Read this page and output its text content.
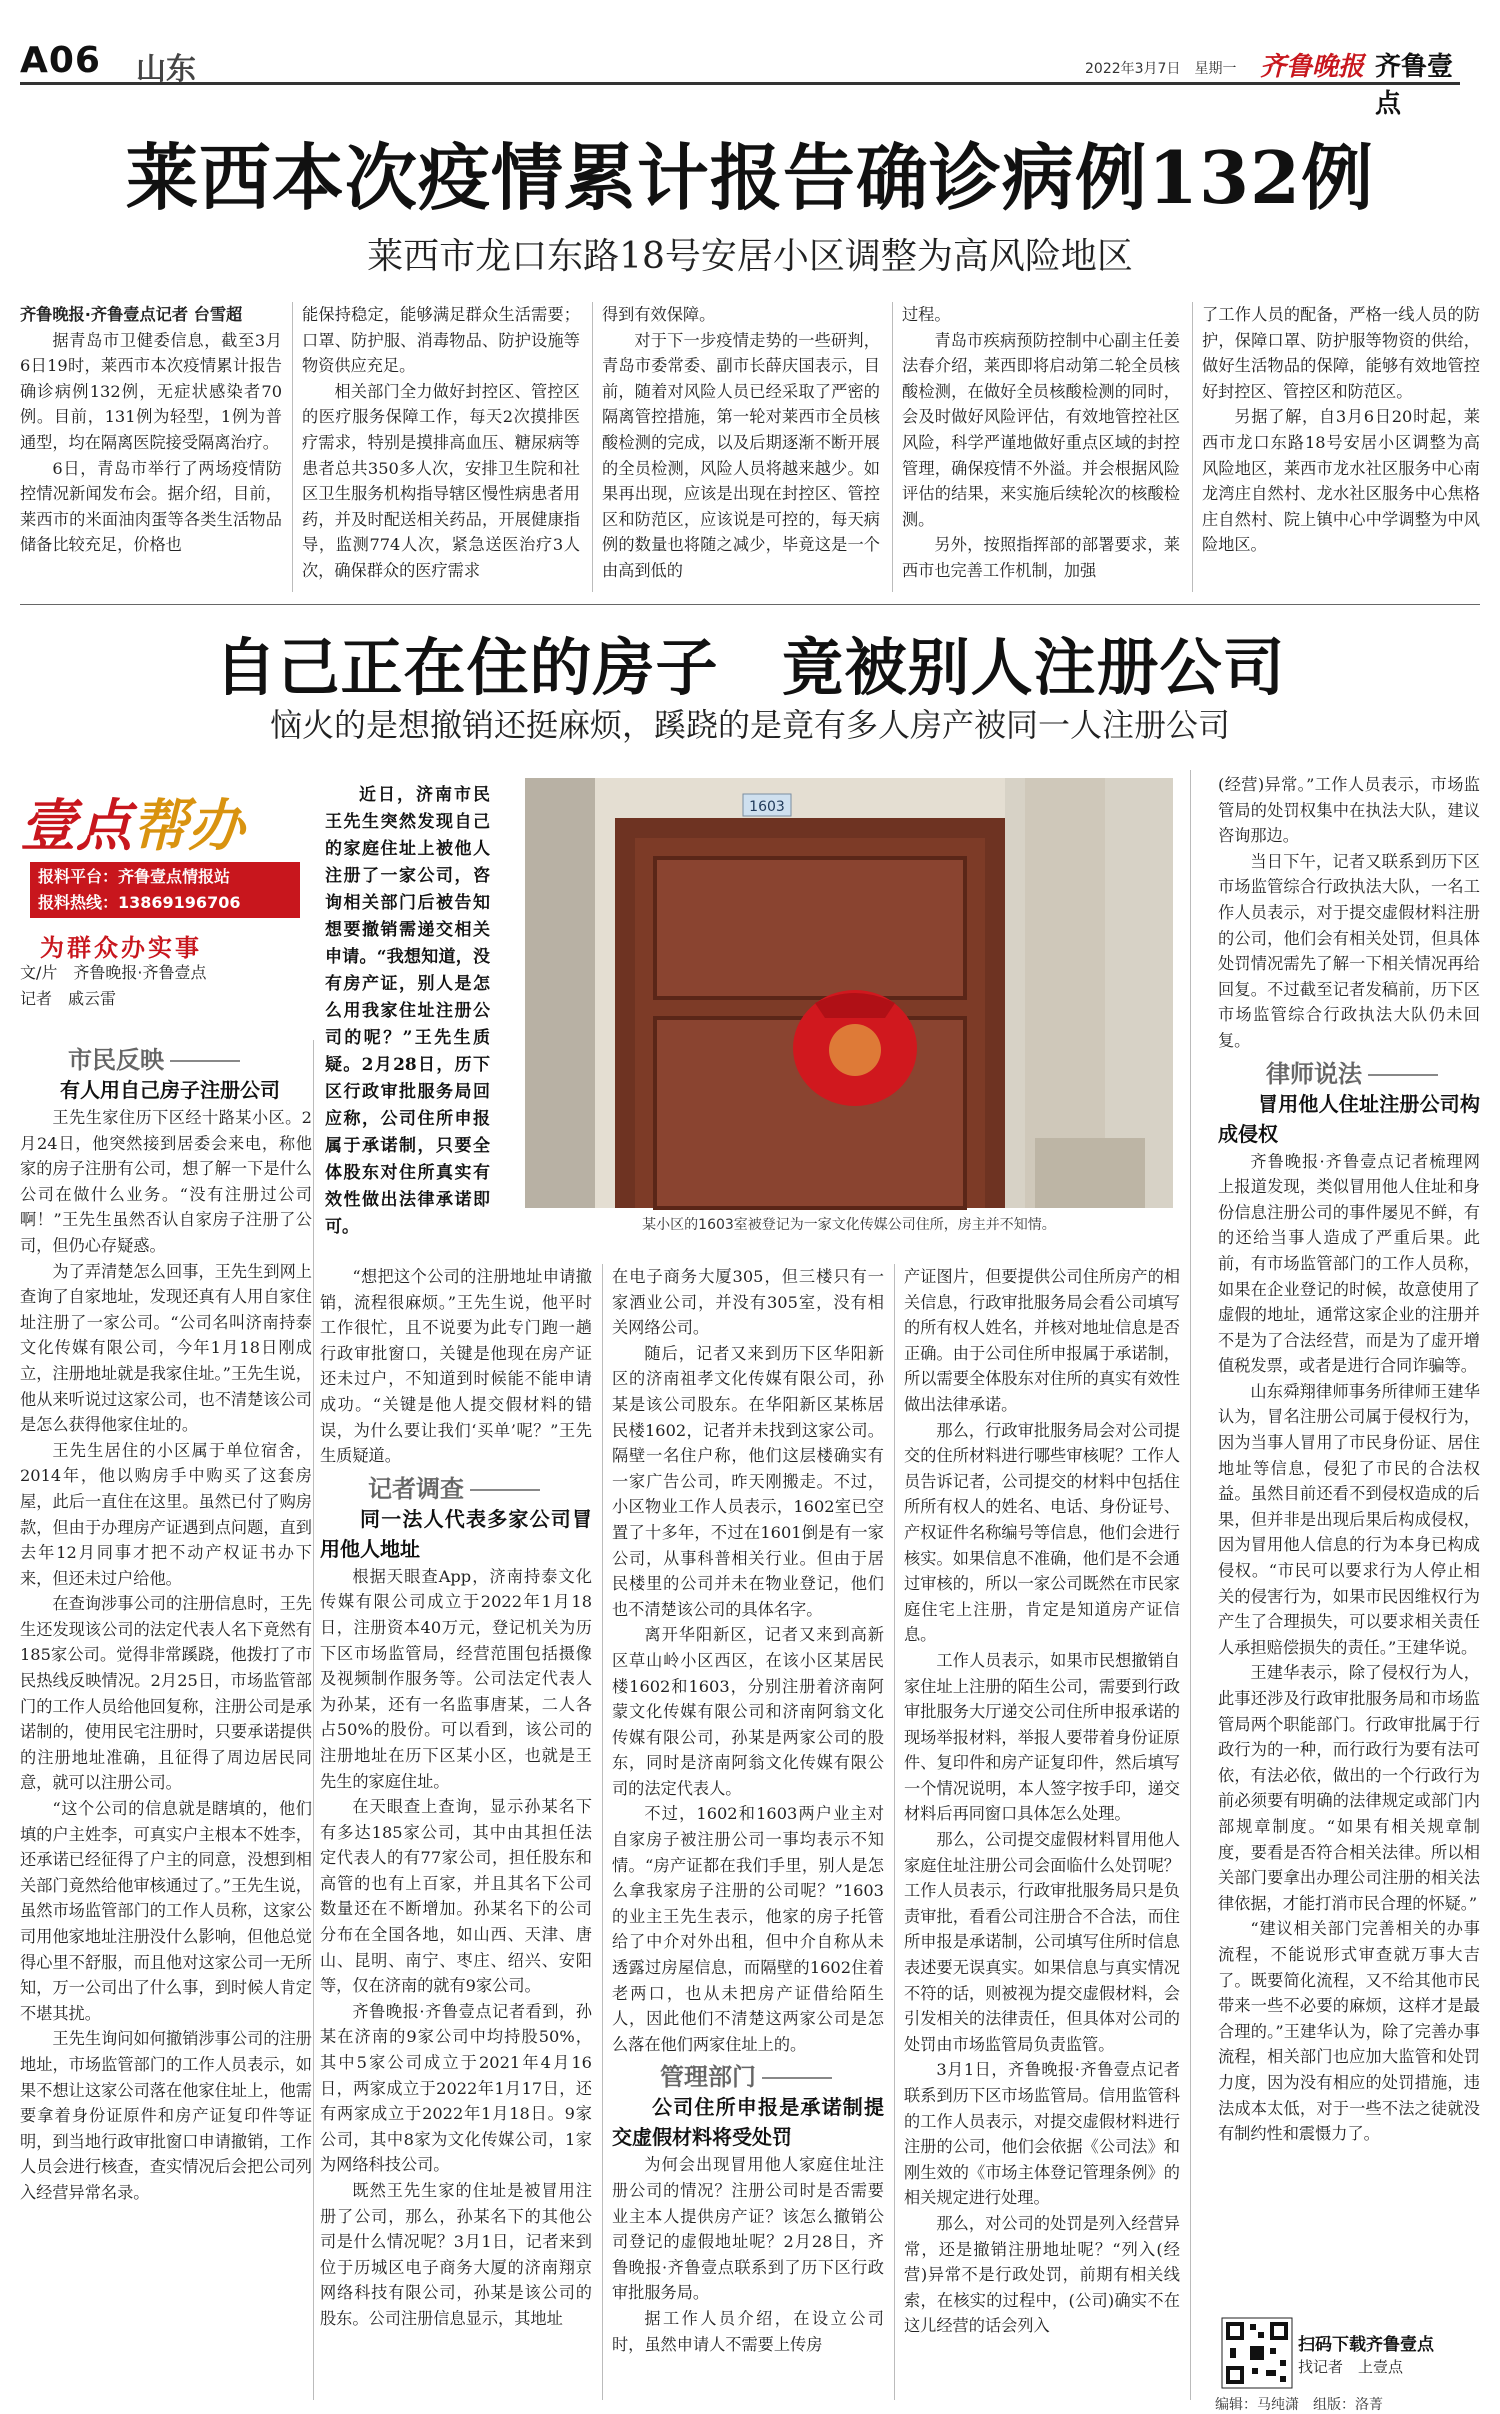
A06 山东	2022年3月7日　星期一 齐鲁晚报 齐鲁壹点
莱西本次疫情累计报告确诊病例132例
莱西市龙口东路18号安居小区调整为高风险地区

齐鲁晚报·齐鲁壹点记者 台雪超

据青岛市卫健委信息，截至3月6日19时，莱西市本次疫情累计报告确诊病例132例，无症状感染者70例。目前，131例为轻型，1例为普通型，均在隔离医院接受隔离治疗。

6日，青岛市举行了两场疫情防控情况新闻发布会。据介绍，目前，莱西市的米面油肉蛋等各类生活物品储备比较充足，价格也

能保持稳定，能够满足群众生活需要；口罩、防护服、消毒物品、防护设施等物资供应充足。

相关部门全力做好封控区、管控区的医疗服务保障工作，每天2次摸排医疗需求，特别是摸排高血压、糖尿病等患者总共350多人次，安排卫生院和社区卫生服务机构指导辖区慢性病患者用药，并及时配送相关药品，开展健康指导，监测774人次，紧急送医治疗3人次，确保群众的医疗需求

得到有效保障。

对于下一步疫情走势的一些研判，青岛市委常委、副市长薛庆国表示，目前，随着对风险人员已经采取了严密的隔离管控措施，第一轮对莱西市全员核酸检测的完成，以及后期逐渐不断开展的全员检测，风险人员将越来越少。如果再出现，应该是出现在封控区、管控区和防范区，应该说是可控的，每天病例的数量也将随之减少，毕竟这是一个由高到低的

过程。

青岛市疾病预防控制中心副主任姜法春介绍，莱西即将启动第二轮全员核酸检测，在做好全员核酸检测的同时，会及时做好风险评估，有效地管控社区风险，科学严谨地做好重点区域的封控管理，确保疫情不外溢。并会根据风险评估的结果，来实施后续轮次的核酸检测。

另外，按照指挥部的部署要求，莱西市也完善工作机制，加强

了工作人员的配备，严格一线人员的防护，保障口罩、防护服等物资的供给，做好生活物品的保障，能够有效地管控好封控区、管控区和防范区。

另据了解，自3月6日20时起，莱西市龙口东路18号安居小区调整为高风险地区，莱西市龙水社区服务中心南龙湾庄自然村、龙水社区服务中心焦格庄自然村、院上镇中心中学调整为中风险地区。

自己正在住的房子　竟被别人注册公司
恼火的是想撤销还挺麻烦，蹊跷的是竟有多人房产被同一人注册公司
壹点帮办
报料平台：齐鲁壹点情报站
报料热线：13869196706
为群众办实事
文/片　齐鲁晚报·齐鲁壹点
记者　戚云雷

近日，济南市民王先生突然发现自己的家庭住址上被他人注册了一家公司，咨询相关部门后被告知想要撤销需递交相关申请。“我想知道，没有房产证，别人是怎么用我家住址注册公司的呢？”王先生质疑。2月28日，历下区行政审批服务局回应称，公司住所申报属于承诺制，只要全体股东对住所真实有效性做出法律承诺即可。

1603
某小区的1603室被登记为一家文化传媒公司住所，房主并不知情。

市民反映

有人用自己房子注册公司

王先生家住历下区经十路某小区。2月24日，他突然接到居委会来电，称他家的房子注册有公司，想了解一下是什么公司在做什么业务。“没有注册过公司啊！”王先生虽然否认自家房子注册了公司，但仍心存疑惑。

为了弄清楚怎么回事，王先生到网上查询了自家地址，发现还真有人用自家住址注册了一家公司。“公司名叫济南持泰文化传媒有限公司，今年1月18日刚成立，注册地址就是我家住址。”王先生说，他从来听说过这家公司，也不清楚该公司是怎么获得他家住址的。

王先生居住的小区属于单位宿舍，2014年，他以购房手中购买了这套房屋，此后一直住在这里。虽然已付了购房款，但由于办理房产证遇到点问题，直到去年12月同事才把不动产权证书办下来，但还未过户给他。

在查询涉事公司的注册信息时，王先生还发现该公司的法定代表人名下竟然有185家公司。觉得非常蹊跷，他拨打了市民热线反映情况。2月25日，市场监管部门的工作人员给他回复称，注册公司是承诺制的，使用民宅注册时，只要承诺提供的注册地址准确，且征得了周边居民同意，就可以注册公司。

“这个公司的信息就是瞎填的，他们填的户主姓李，可真实户主根本不姓李，还承诺已经征得了户主的同意，没想到相关部门竟然给他审核通过了。”王先生说，虽然市场监管部门的工作人员称，这家公司用他家地址注册没什么影响，但他总觉得心里不舒服，而且他对这家公司一无所知，万一公司出了什么事，到时候人肯定不堪其扰。

王先生询问如何撤销涉事公司的注册地址，市场监管部门的工作人员表示，如果不想让这家公司落在他家住址上，他需要拿着身份证原件和房产证复印件等证明，到当地行政审批窗口申请撤销，工作人员会进行核查，查实情况后会把公司列入经营异常名录。

“想把这个公司的注册地址申请撤销，流程很麻烦。”王先生说，他平时工作很忙，且不说要为此专门跑一趟行政审批窗口，关键是他现在房产证还未过户，不知道到时候能不能申请成功。“关键是他人提交假材料的错误，为什么要让我们‘买单’呢？”王先生质疑道。

记者调查

同一法人代表多家公司冒用他人地址

根据天眼查App，济南持泰文化传媒有限公司成立于2022年1月18日，注册资本40万元，登记机关为历下区市场监管局，经营范围包括摄像及视频制作服务等。公司法定代表人为孙某，还有一名监事唐某，二人各占50%的股份。可以看到，该公司的注册地址在历下区某小区，也就是王先生的家庭住址。

在天眼查上查询，显示孙某名下有多达185家公司，其中由其担任法定代表人的有77家公司，担任股东和高管的也有上百家，并且其名下公司数量还在不断增加。孙某名下的公司分布在全国各地，如山西、天津、唐山、昆明、南宁、枣庄、绍兴、安阳等，仅在济南的就有9家公司。

齐鲁晚报·齐鲁壹点记者看到，孙某在济南的9家公司中均持股50%，其中5家公司成立于2021年4月16日，两家成立于2022年1月17日，还有两家成立于2022年1月18日。9家公司，其中8家为文化传媒公司，1家为网络科技公司。

既然王先生家的住址是被冒用注册了公司，那么，孙某名下的其他公司是什么情况呢？3月1日，记者来到位于历城区电子商务大厦的济南翔京网络科技有限公司，孙某是该公司的股东。公司注册信息显示，其地址

在电子商务大厦305，但三楼只有一家酒业公司，并没有305室，没有相关网络公司。

随后，记者又来到历下区华阳新区的济南祖孝文化传媒有限公司，孙某是该公司股东。在华阳新区某栋居民楼1602，记者并未找到这家公司。隔壁一名住户称，他们这层楼确实有一家广告公司，昨天刚搬走。不过，小区物业工作人员表示，1602室已空置了十多年，不过在1601倒是有一家公司，从事科普相关行业。但由于居民楼里的公司并未在物业登记，他们也不清楚该公司的具体名字。

离开华阳新区，记者又来到高新区草山岭小区西区，在该小区某居民楼1602和1603，分别注册着济南阿蒙文化传媒有限公司和济南阿翁文化传媒有限公司，孙某是两家公司的股东，同时是济南阿翁文化传媒有限公司的法定代表人。

不过，1602和1603两户业主对自家房子被注册公司一事均表示不知情。“房产证都在我们手里，别人是怎么拿我家房子注册的公司呢？”1603的业主王先生表示，他家的房子托管给了中介对外出租，但中介自称从未透露过房屋信息，而隔壁的1602住着老两口，也从未把房产证借给陌生人，因此他们不清楚这两家公司是怎么落在他们两家住址上的。

管理部门

公司住所申报是承诺制提交虚假材料将受处罚

为何会出现冒用他人家庭住址注册公司的情况？注册公司时是否需要业主本人提供房产证？该怎么撤销公司登记的虚假地址呢？2月28日，齐鲁晚报·齐鲁壹点联系到了历下区行政审批服务局。

据工作人员介绍，在设立公司时，虽然申请人不需要上传房

产证图片，但要提供公司住所房产的相关信息，行政审批服务局会看公司填写的所有权人姓名，并核对地址信息是否正确。由于公司住所申报属于承诺制，所以需要全体股东对住所的真实有效性做出法律承诺。

那么，行政审批服务局会对公司提交的住所材料进行哪些审核呢？工作人员告诉记者，公司提交的材料中包括住所所有权人的姓名、电话、身份证号、产权证件名称编号等信息，他们会进行核实。如果信息不准确，他们是不会通过审核的，所以一家公司既然在市民家庭住宅上注册，肯定是知道房产证信息。

工作人员表示，如果市民想撤销自家住址上注册的陌生公司，需要到行政审批服务大厅递交公司住所申报承诺的现场举报材料，举报人要带着身份证原件、复印件和房产证复印件，然后填写一个情况说明，本人签字按手印，递交材料后再同窗口具体怎么处理。

那么，公司提交虚假材料冒用他人家庭住址注册公司会面临什么处罚呢？工作人员表示，行政审批服务局只是负责审批，看看公司注册合不合法，而住所申报是承诺制，公司填写住所时信息表述要无误真实。如果信息与真实情况不符的话，则被视为提交虚假材料，会引发相关的法律责任，但具体对公司的处罚由市场监管局负责监管。

3月1日，齐鲁晚报·齐鲁壹点记者联系到历下区市场监管局。信用监管科的工作人员表示，对提交虚假材料进行注册的公司，他们会依据《公司法》和刚生效的《市场主体登记管理条例》的相关规定进行处理。

那么，对公司的处罚是列入经营异常，还是撤销注册地址呢？“列入(经营)异常不是行政处罚，前期有相关线索，在核实的过程中，(公司)确实不在这儿经营的话会列入

(经营)异常。”工作人员表示，市场监管局的处罚权集中在执法大队，建议咨询那边。

当日下午，记者又联系到历下区市场监管综合行政执法大队，一名工作人员表示，对于提交虚假材料注册的公司，他们会有相关处罚，但具体处罚情况需先了解一下相关情况再给回复。不过截至记者发稿前，历下区市场监管综合行政执法大队仍未回复。

律师说法

冒用他人住址注册公司构成侵权

齐鲁晚报·齐鲁壹点记者梳理网上报道发现，类似冒用他人住址和身份信息注册公司的事件屡见不鲜，有的还给当事人造成了严重后果。此前，有市场监管部门的工作人员称，如果在企业登记的时候，故意使用了虚假的地址，通常这家企业的注册并不是为了合法经营，而是为了虚开增值税发票，或者是进行合同诈骗等。

山东舜翔律师事务所律师王建华认为，冒名注册公司属于侵权行为，因为当事人冒用了市民身份证、居住地址等信息，侵犯了市民的合法权益。虽然目前还看不到侵权造成的后果，但并非是出现后果后构成侵权，因为冒用他人信息的行为本身已构成侵权。“市民可以要求行为人停止相关的侵害行为，如果市民因维权行为产生了合理损失，可以要求相关责任人承担赔偿损失的责任。”王建华说。

王建华表示，除了侵权行为人，此事还涉及行政审批服务局和市场监管局两个职能部门。行政审批属于行政行为的一种，而行政行为要有法可依，有法必依，做出的一个行政行为前必须要有明确的法律规定或部门内部规章制度。“如果有相关规章制度，要看是否符合相关法律。所以相关部门要拿出办理公司注册的相关法律依据，才能打消市民合理的怀疑。”

“建议相关部门完善相关的办事流程，不能说形式审查就万事大吉了。既要简化流程，又不给其他市民带来一些不必要的麻烦，这样才是最合理的。”王建华认为，除了完善办事流程，相关部门也应加大监管和处罚力度，因为没有相应的处罚措施，违法成本太低，对于一些不法之徒就没有制约性和震慑力了。

扫码下载齐鲁壹点
找记者　上壹点
编辑：马纯潇　组版：洛菁
